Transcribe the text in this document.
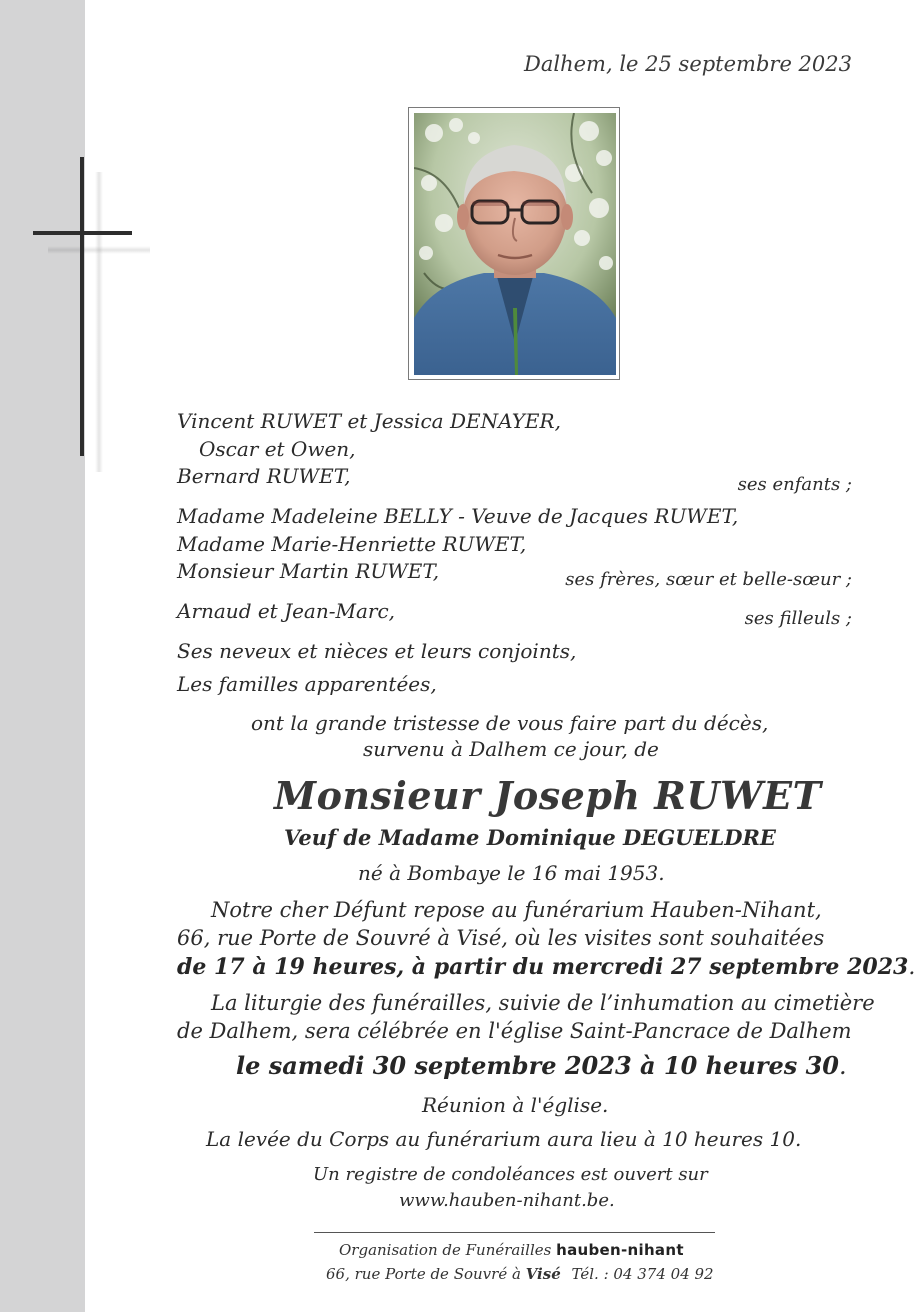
Dalhem, le 25 septembre 2023
Vincent RUWET et Jessica DENAYER,
Oscar et Owen,
Bernard RUWET,	ses enfants ;
Madame Madeleine BELLY - Veuve de Jacques RUWET,
Madame Marie-Henriette RUWET,
Monsieur Martin RUWET,	ses frères, sœur et belle-sœur ;
Arnaud et Jean-Marc,	ses filleuls ;
Ses neveux et nièces et leurs conjoints,
Les familles apparentées,
ont la grande tristesse de vous faire part du décès,
survenu à Dalhem ce jour, de
Monsieur Joseph RUWET
Veuf de Madame Dominique DEGUELDRE
né à Bombaye le 16 mai 1953.
Notre cher Défunt repose au funérarium Hauben-Nihant,
66, rue Porte de Souvré à Visé, où les visites sont souhaitées
de 17 à 19 heures, à partir du mercredi 27 septembre 2023.
La liturgie des funérailles, suivie de l’inhumation au cimetière
de Dalhem, sera célébrée en l'église Saint-Pancrace de Dalhem
le samedi 30 septembre 2023 à 10 heures 30.
Réunion à l'église.
La levée du Corps au funérarium aura lieu à 10 heures 10.
Un registre de condoléances est ouvert sur
www.hauben-nihant.be.
Organisation de Funérailles hauben-nihant
66, rue Porte de Souvré à Visé Tél. : 04 374 04 92
